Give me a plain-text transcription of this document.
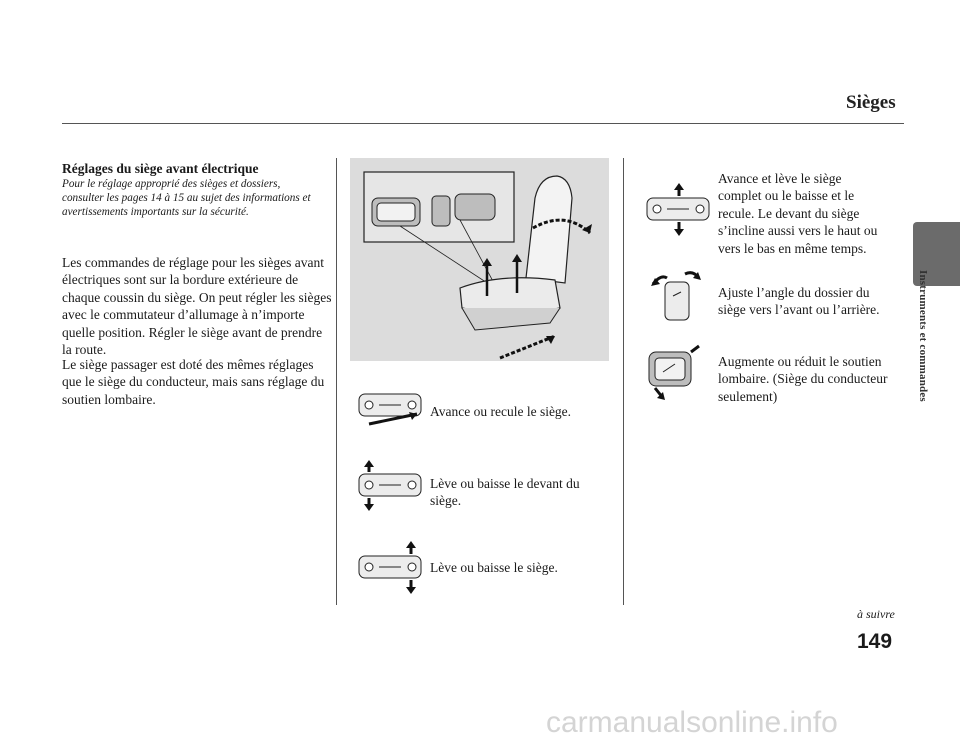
Sièges
Instruments et commandes
Réglages du siège avant électrique
Pour le réglage approprié des sièges et dossiers, consulter les pages 14 à 15 au sujet des informations et avertissements importants sur la sécurité.
Les commandes de réglage pour les sièges avant électriques sont sur la bordure extérieure de chaque coussin du siège. On peut régler les sièges avec le commutateur d’allumage à n’importe quelle position. Régler le siège avant de prendre la route.
Le siège passager est doté des mêmes réglages que le siège du conducteur, mais sans réglage du soutien lombaire.
Avance ou recule le siège.
Lève ou baisse le devant du siège.
Lève ou baisse le siège.
Avance et lève le siège complet ou le baisse et le recule. Le devant du siège s’incline aussi vers le haut ou vers le bas en même temps.
Ajuste l’angle du dossier du siège vers l’avant ou l’arrière.
Augmente ou réduit le soutien lombaire. (Siège du conducteur seulement)
à suivre
149
carmanualsonline.info
